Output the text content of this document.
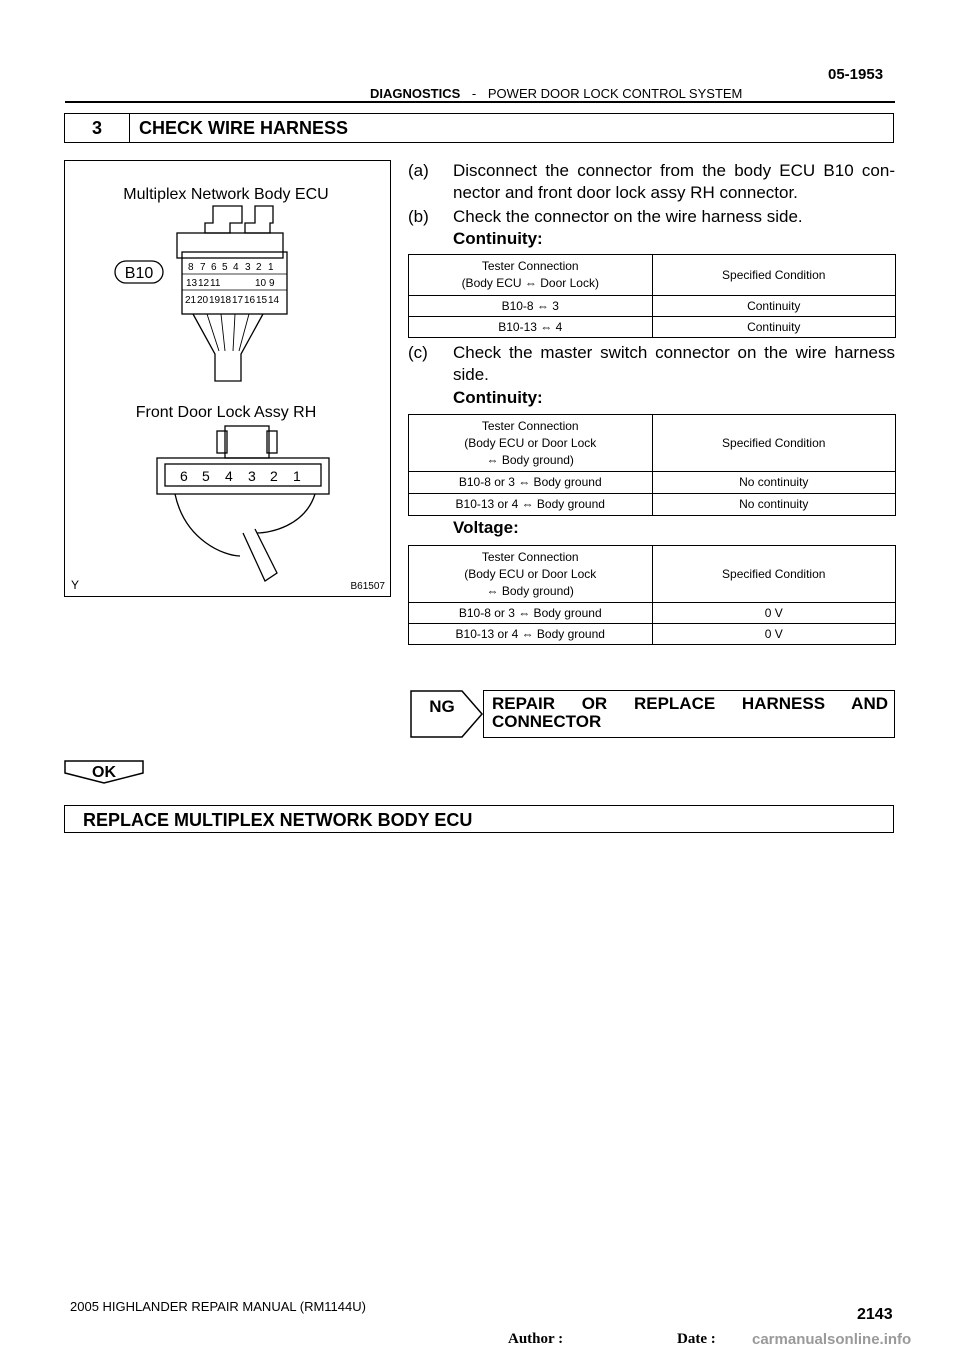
05-1953
DIAGNOSTICS - POWER DOOR LOCK CONTROL SYSTEM
3	CHECK WIRE HARNESS
Multiplex Network Body ECU
8 7 6 5 4 3 2 1
13 12 11	10 9
21 20 19 18 17 16 15 14
B10
Front Door Lock Assy RH
6 5 4 3 2 1
Y	B61507
(a) Disconnect the connector from the body ECU B10 con- nector and front door lock assy RH connector.
(b) Check the connector on the wire harness side.
Continuity:
Tester Connection
(Body ECU ⇔ Door Lock)	Specified Condition
B10-8 ⇔ 3	Continuity
B10-13 ⇔ 4	Continuity
(c) Check the master switch connector on the wire harness side.
Continuity:
Tester Connection
(Body ECU or Door Lock
⇔ Body ground)	Specified Condition
B10-8 or 3 ⇔ Body ground	No continuity
B10-13 or 4 ⇔ Body ground	No continuity
Voltage:
Tester Connection
(Body ECU or Door Lock
⇔ Body ground)	Specified Condition
B10-8 or 3 ⇔ Body ground	0 V
B10-13 or 4 ⇔ Body ground	0 V
NG REPAIR OR REPLACE HARNESS AND CONNECTOR
OK
REPLACE MULTIPLEX NETWORK BODY ECU
2005 HIGHLANDER REPAIR MANUAL (RM1144U)	2143
Author :	Date : carmanualsonline.info
